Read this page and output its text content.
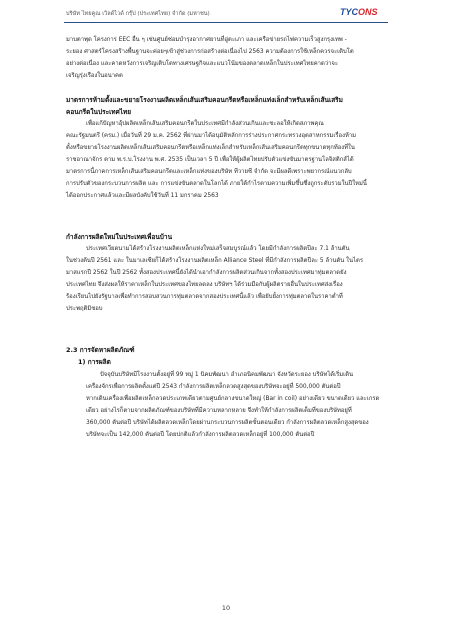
บริษัท ไทยคูณ เวิลด์ไวด์ กรุ๊ป (ประเทศไทย) จำกัด (มหาชน)	TYCONS
มาบตาพุด โครงการ EEC อื่น ๆ เช่นศูนย์ซ่อมบำรุงอากาศยานที่อู่ตะเภา และเครือข่ายรถไฟความเร็วสูงกรุงเทพ -
ระยอง ศาสตร์โครงสร้างพื้นฐานจะค่อยๆเข้าสู่ช่วงการก่อสร้างต่อเนื่องไป 2563 ความต้องการใช้เหล็กควรจะเติบโต
อย่างต่อเนื่อง และคาดหวังการเจริญเติบโตทางเศรษฐกิจและแนวโน้มของตลาดเหล็กในประเทศไทยคาดว่าจะ
เจริญรุ่งเรืองในอนาคต
มาตรการห้ามตั้งและขยายโรงงานผลิตเหล็กเส้นเสริมคอนกรีตหรือเหล็กแท่งเล็กสำหรับเหล็กเส้นเสริม
คอนกรีตในประเทศไทย
เพื่อแก้ปัญหาอุ้ปผลิตเหล็กเส้นเสริมคอนกรีตในประเทศมีกำลังส่วนเกินและชะลอให้เกิดสภาพคุณ
คณะรัฐมนตรี (ครม.) เมื่อวันที่ 29 ม.ค. 2562 ที่ผ่านมาได้อนุมัติหลักการร่างประกาศกระทรวงอุตสาหกรรมเรื่องห้าม
ตั้งหรือขยายโรงงานผลิตเหล็กเส้นเสริมคอนกรีตหรือเหล็กแท่งเล็กสำหรับเหล็กเส้นเสริมคอนกรีตทุกขนาดทุกท้องที่ใน
ราชอาณาจักร ตาม พ.ร.บ.โรงงาน พ.ศ. 2535 เป็นเวลา 5 ปี เพื่อให้ผู้ผลิตไทยปรับตัวแข่งขันมาตรฐานโลจิสติกส์ได้
มาตรการนี้ภาคการเหล็กเส้นเสริมคอนกรีตและเหล็กแท่งของบริษัท ทีวายซี จำกัด จะมีผลดีเพราะพยากรณ์แนวกลับ
การปรับตัวของกระบวนการผลิต และ การแข่งขันตลาดในโลกได้ ภายใต้กำไรตามความเพิ่มขึ้นซึ่งถูกระดับรวมในปีใหม่นี้
ได้ออกประกาศแล้วและมีผลบังคับใช้วันที่ 11 มกราคม 2563
กำลังการผลิตใหม่ในประเทศเพื่อนบ้าน
ประเทศเวียดนามได้สร้างโรงงานผลิตเหล็กแห่งใหม่เสร็จสมบูรณ์แล้ว โดยมีกำลังการผลิตปีละ 7.1 ล้านตัน
ในช่วงต้นปี 2561 และ ในมาเลเซียก็ได้สร้างโรงงานผลิตเหล็ก Alliance Steel ที่มีกำลังการผลิตปีละ 5 ล้านตัน ในไตร
มาสแรกปี 2562 ในปี 2562 ทั้งสองประเทศนี้ยังได้นำเอากำลังการผลิตส่วนเกินจากทั้งสองประเทศมาทุ่มตลาดยัง
ประเทศไทย จึงส่งผลให้ราคาเหล็กในประเทศของไทยลดลง บริษัทฯ ได้ร่วมมือกับผู้ผลิตรายอื่นในประเทศส่งเรื่อง
ร้องเรียนไปยังรัฐบาลเพื่อทำการสอบสวนการทุ่มตลาดจากสองประเทศนี้แล้ว เพื่อยับยั้งการทุ่มตลาดในราคาต่ำที่
ประพฤติมิชอบ
2.3 การจัดหาผลิตภัณฑ์
1) การผลิต
ปัจจุบันบริษัทมีโรงงานตั้งอยู่ที่ 99 หมู่ 1 นิคมพัฒนา อำเภอนิคมพัฒนา จังหวัดระยอง บริษัทได้เริ่มเดิน
เครื่องจักรเพื่อการผลิตตั้งแต่ปี 2543 กำลังการผลิตเหล็กลวดสูงสุดของบริษัทจะอยู่ที่ 500,000 ตันต่อปี
หากเดินเครื่องเพื่อผลิตเหล็กลวดประเภทเดียวตามศูนย์กลางขนาดใหญ่ (Bar in coil) อย่างเดียว ขนาดเดียว และเกรด
เดียว อย่างไรก็ตามจากผลิตภัณฑ์ของบริษัทที่มีความหลากหลาย จึงทำให้กำลังการผลิตเต็มที่ของบริษัทอยู่ที่
360,000 ตันต่อปี บริษัทได้ผลิตลวดเหล็กโดยผ่านกระบวนการผลิตขั้นตอนเดียว กำลังการผลิตลวดเหล็กสูงสุดของ
บริษัทจะเป็น 142,000 ตันต่อปี โดยปกติแล้วกำลังการผลิตลวดเหล็กอยู่ที่ 100,000 ตันต่อปี
10
